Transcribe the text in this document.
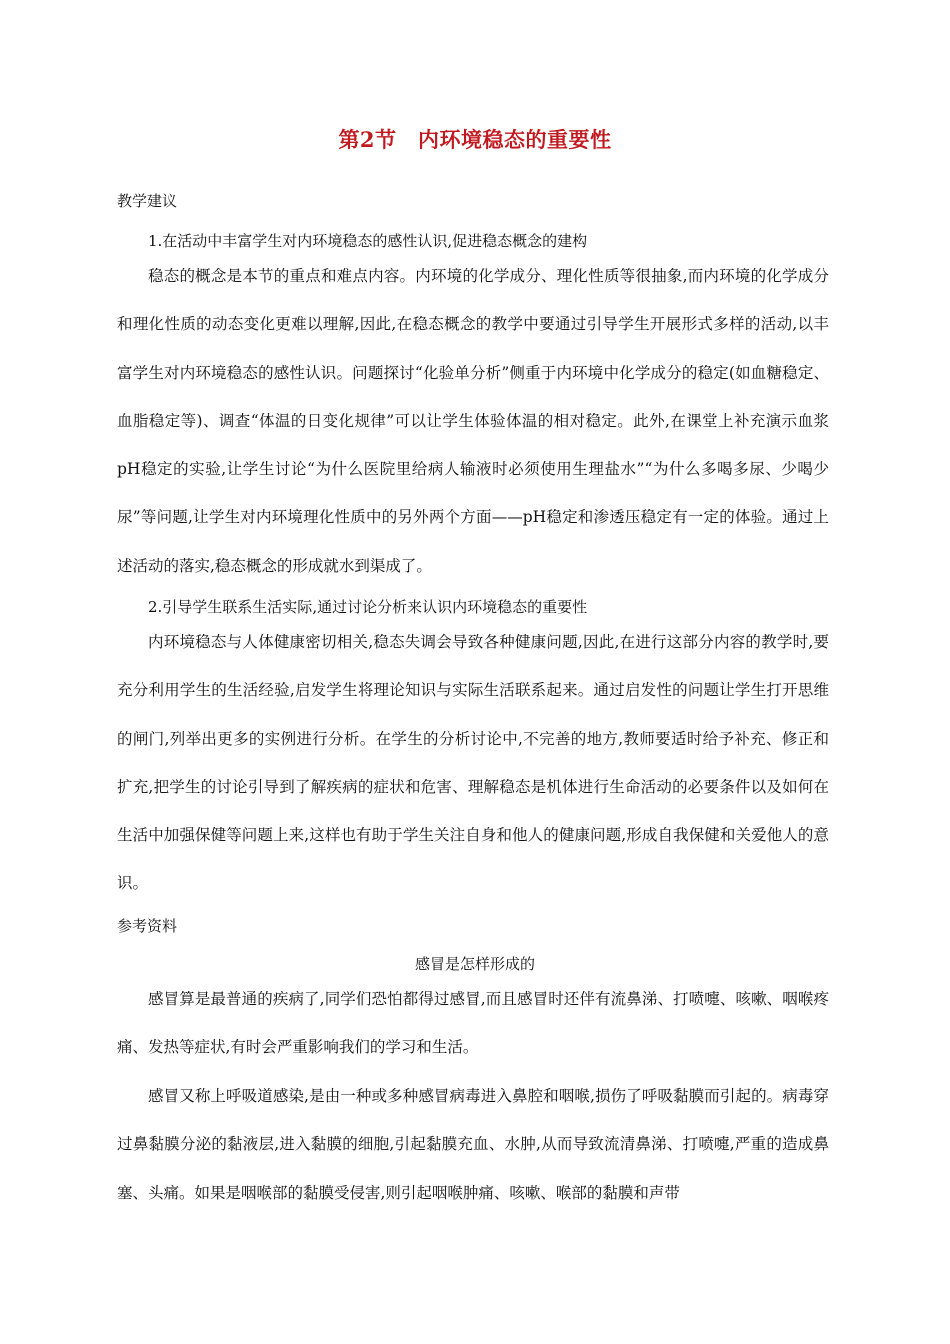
第2节　内环境稳态的重要性
教学建议
1.在活动中丰富学生对内环境稳态的感性认识,促进稳态概念的建构

稳态的概念是本节的重点和难点内容。内环境的化学成分、理化性质等很抽象,而内环境的化学成分和理化性质的动态变化更难以理解,因此,在稳态概念的教学中要通过引导学生开展形式多样的活动,以丰富学生对内环境稳态的感性认识。问题探讨“化验单分析”侧重于内环境中化学成分的稳定(如血糖稳定、血脂稳定等)、调查“体温的日变化规律”可以让学生体验体温的相对稳定。此外,在课堂上补充演示血浆pH稳定的实验,让学生讨论“为什么医院里给病人输液时必须使用生理盐水”“为什么多喝多尿、少喝少尿”等问题,让学生对内环境理化性质中的另外两个方面——pH稳定和渗透压稳定有一定的体验。通过上述活动的落实,稳态概念的形成就水到渠成了。

2.引导学生联系生活实际,通过讨论分析来认识内环境稳态的重要性

内环境稳态与人体健康密切相关,稳态失调会导致各种健康问题,因此,在进行这部分内容的教学时,要充分利用学生的生活经验,启发学生将理论知识与实际生活联系起来。通过启发性的问题让学生打开思维的闸门,列举出更多的实例进行分析。在学生的分析讨论中,不完善的地方,教师要适时给予补充、修正和扩充,把学生的讨论引导到了解疾病的症状和危害、理解稳态是机体进行生命活动的必要条件以及如何在生活中加强保健等问题上来,这样也有助于学生关注自身和他人的健康问题,形成自我保健和关爱他人的意识。

参考资料
感冒是怎样形成的

感冒算是最普通的疾病了,同学们恐怕都得过感冒,而且感冒时还伴有流鼻涕、打喷嚏、咳嗽、咽喉疼痛、发热等症状,有时会严重影响我们的学习和生活。

感冒又称上呼吸道感染,是由一种或多种感冒病毒进入鼻腔和咽喉,损伤了呼吸黏膜而引起的。病毒穿过鼻黏膜分泌的黏液层,进入黏膜的细胞,引起黏膜充血、水肿,从而导致流清鼻涕、打喷嚏,严重的造成鼻塞、头痛。如果是咽喉部的黏膜受侵害,则引起咽喉肿痛、咳嗽、喉部的黏膜和声带
